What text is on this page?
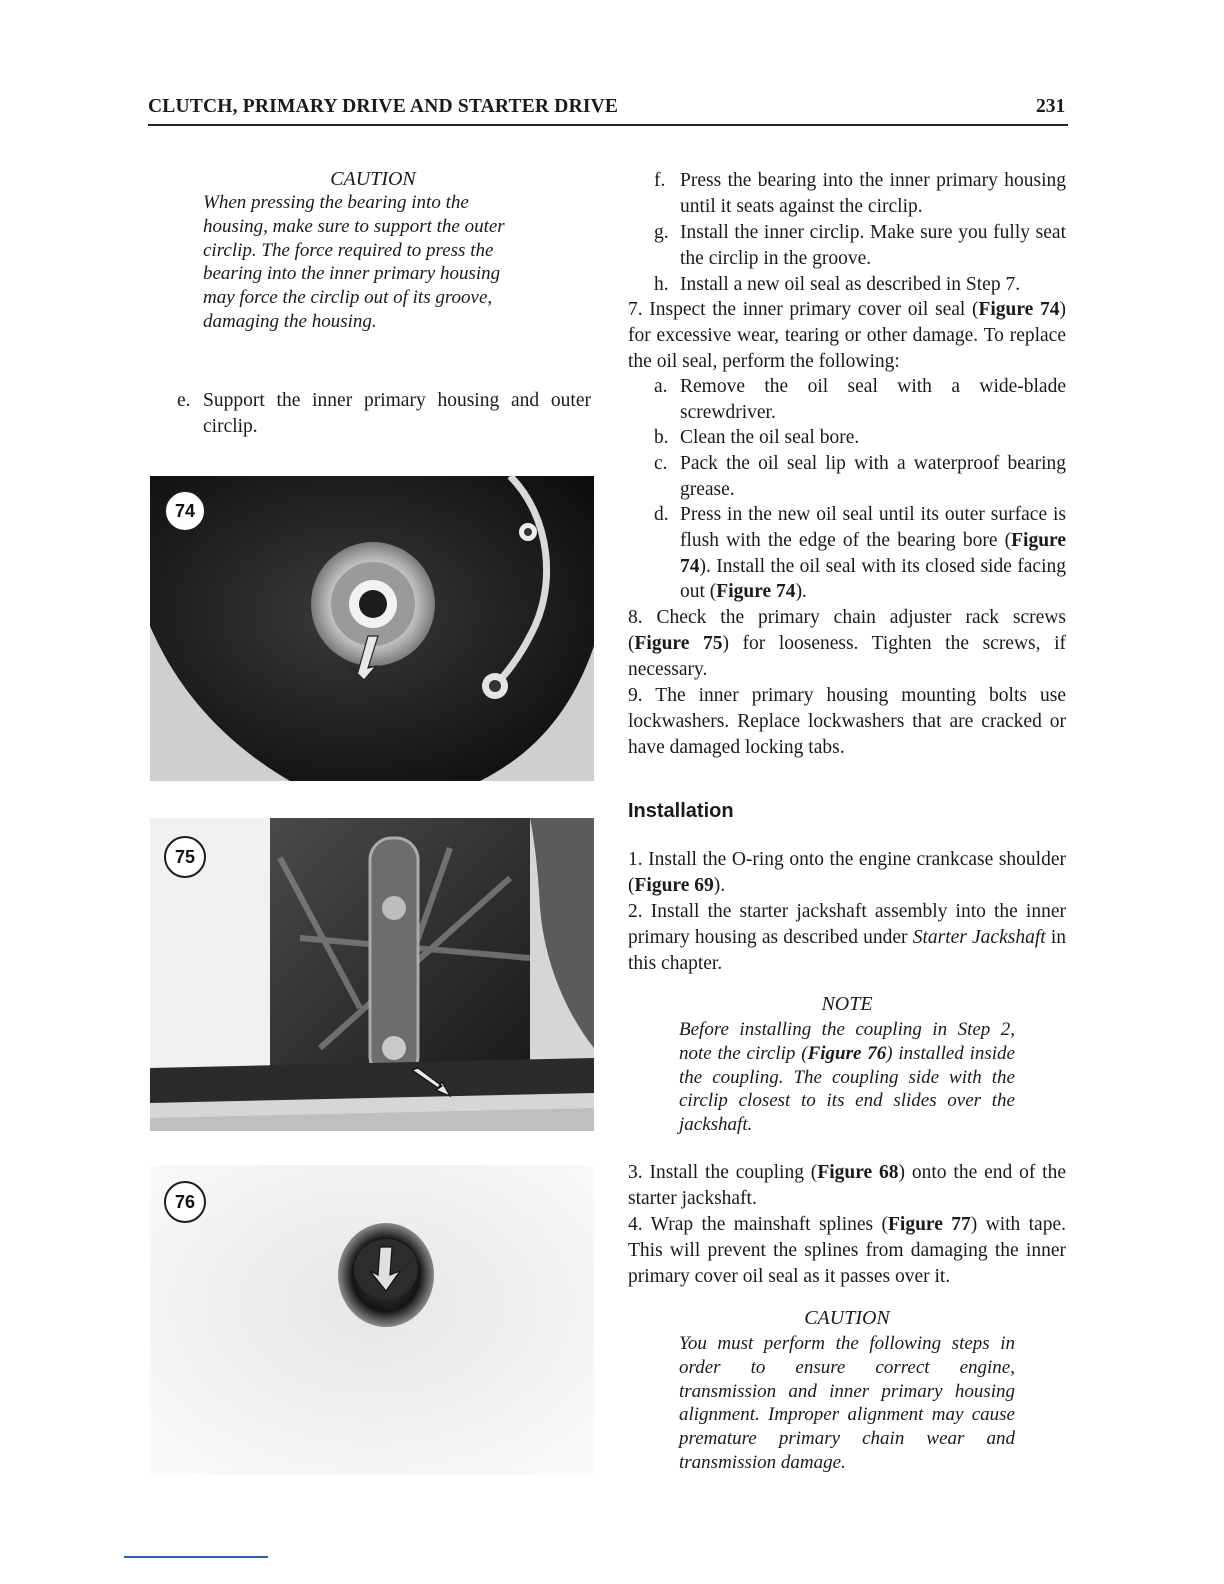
CLUTCH, PRIMARY DRIVE AND STARTER DRIVE	231
CAUTION
When pressing the bearing into the
housing, make sure to support the outer
circlip. The force required to press the
bearing into the inner primary housing
may force the circlip out of its groove,
damaging the housing.
e. Support the inner primary housing and outer circlip.
74
75
76
f. Press the bearing into the inner primary housing until it seats against the circlip.
g. Install the inner circlip. Make sure you fully seat the circlip in the groove.
h. Install a new oil seal as described in Step 7.
7. Inspect the inner primary cover oil seal (Figure 74) for excessive wear, tearing or other damage. To replace the oil seal, perform the following:
a. Remove the oil seal with a wide-blade screwdriver.
b. Clean the oil seal bore.
c. Pack the oil seal lip with a waterproof bearing grease.
d. Press in the new oil seal until its outer surface is flush with the edge of the bearing bore (Figure 74). Install the oil seal with its closed side facing out (Figure 74).
8. Check the primary chain adjuster rack screws (Figure 75) for looseness. Tighten the screws, if necessary.
9. The inner primary housing mounting bolts use lockwashers. Replace lockwashers that are cracked or have damaged locking tabs.
Installation
1. Install the O-ring onto the engine crankcase shoulder (Figure 69).
2. Install the starter jackshaft assembly into the inner primary housing as described under Starter Jackshaft in this chapter.
NOTE
Before installing the coupling in Step 2, note the circlip (Figure 76) installed inside the coupling. The coupling side with the circlip closest to its end slides over the jackshaft.
3. Install the coupling (Figure 68) onto the end of the starter jackshaft.
4. Wrap the mainshaft splines (Figure 77) with tape. This will prevent the splines from damaging the inner primary cover oil seal as it passes over it.
CAUTION
You must perform the following steps in order to ensure correct engine, transmission and inner primary housing alignment. Improper alignment may cause premature primary chain wear and transmission damage.
